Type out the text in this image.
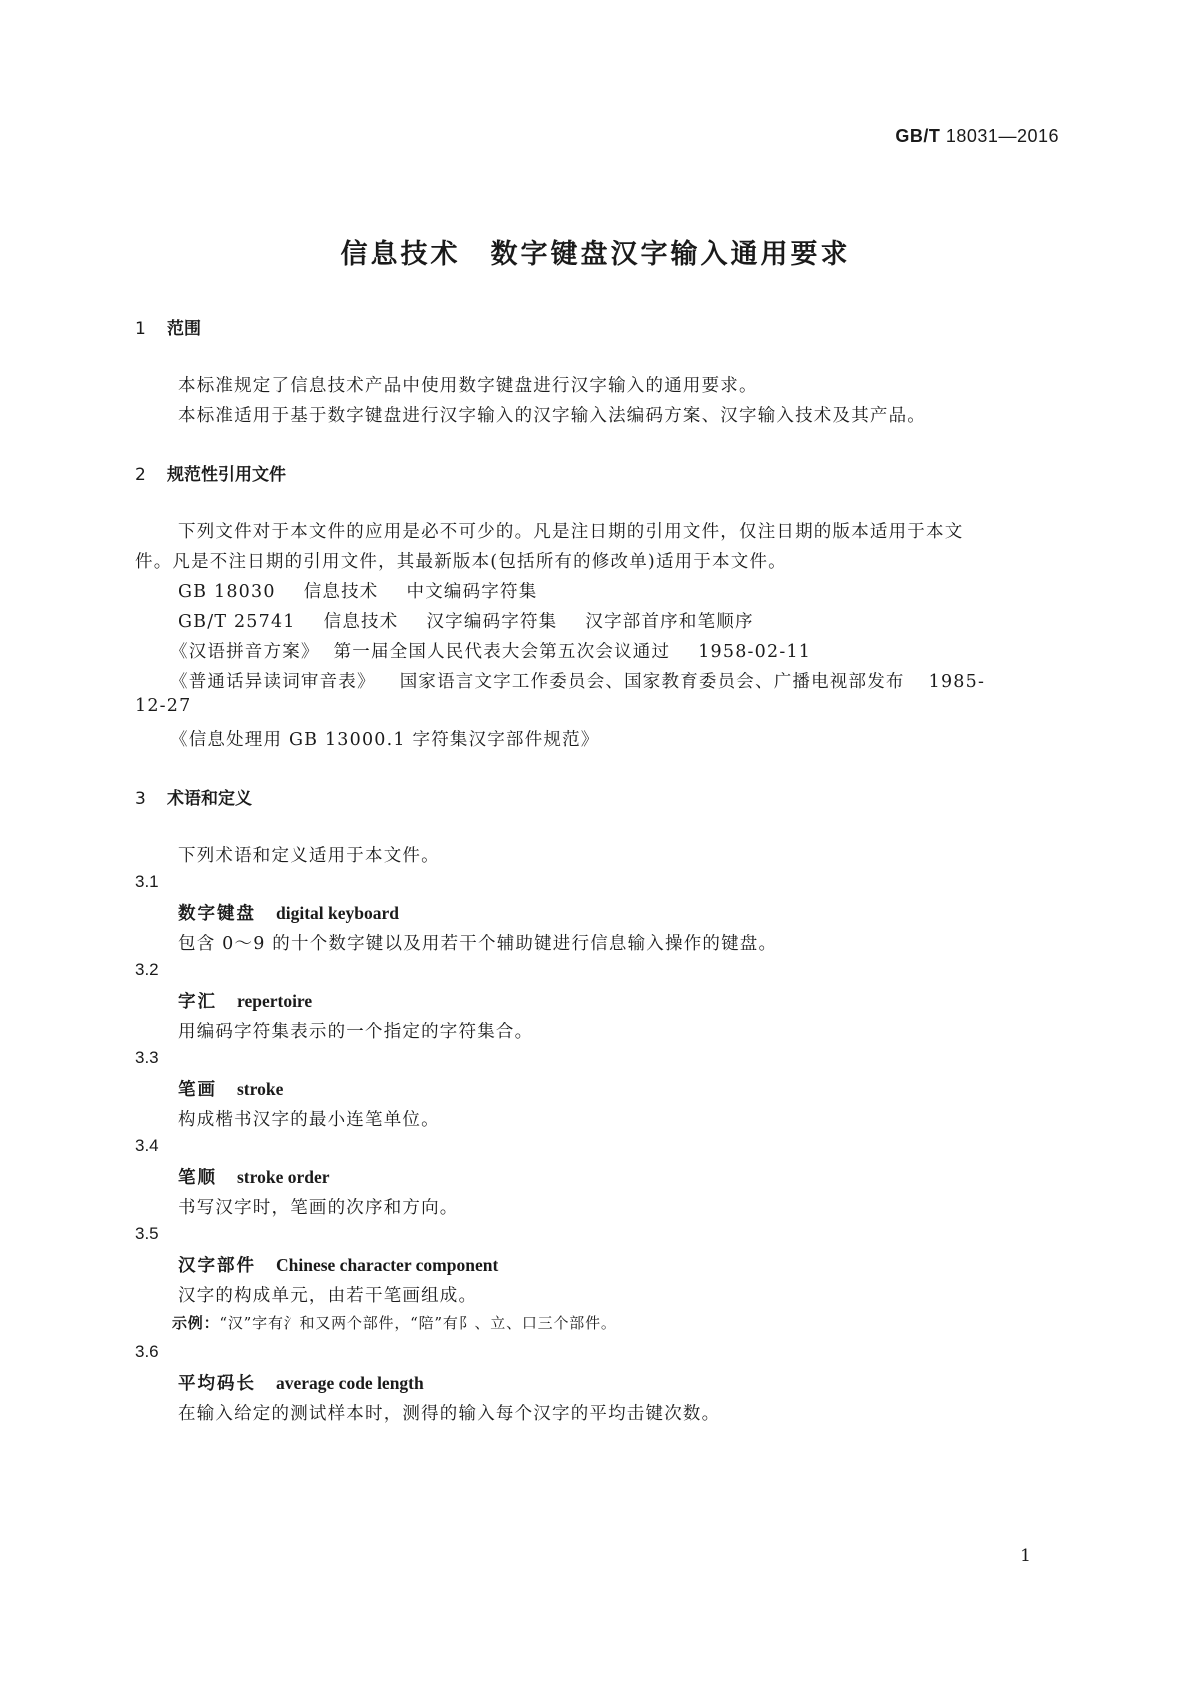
GB/T 18031—2016
信息技术 数字键盘汉字输入通用要求
1 范围
本标准规定了信息技术产品中使用数字键盘进行汉字输入的通用要求。
本标准适用于基于数字键盘进行汉字输入的汉字输入法编码方案、汉字输入技术及其产品。
2 规范性引用文件
下列文件对于本文件的应用是必不可少的。凡是注日期的引用文件，仅注日期的版本适用于本文
件。凡是不注日期的引用文件，其最新版本(包括所有的修改单)适用于本文件。
GB 18030 信息技术 中文编码字符集
GB/T 25741 信息技术 汉字编码字符集 汉字部首序和笔顺序
《汉语拼音方案》 第一届全国人民代表大会第五次会议通过 1958-02-11
《普通话异读词审音表》 国家语言文字工作委员会、国家教育委员会、广播电视部发布 1985-
12-27
《信息处理用 GB 13000.1 字符集汉字部件规范》
3 术语和定义
下列术语和定义适用于本文件。
3.1
数字键盘 digital keyboard
包含 0～9 的十个数字键以及用若干个辅助键进行信息输入操作的键盘。
3.2
字汇 repertoire
用编码字符集表示的一个指定的字符集合。
3.3
笔画 stroke
构成楷书汉字的最小连笔单位。
3.4
笔顺 stroke order
书写汉字时，笔画的次序和方向。
3.5
汉字部件 Chinese character component
汉字的构成单元，由若干笔画组成。
示例：“汉”字有氵和又两个部件，“陪”有阝、立、口三个部件。
3.6
平均码长 average code length
在输入给定的测试样本时，测得的输入每个汉字的平均击键次数。
1
